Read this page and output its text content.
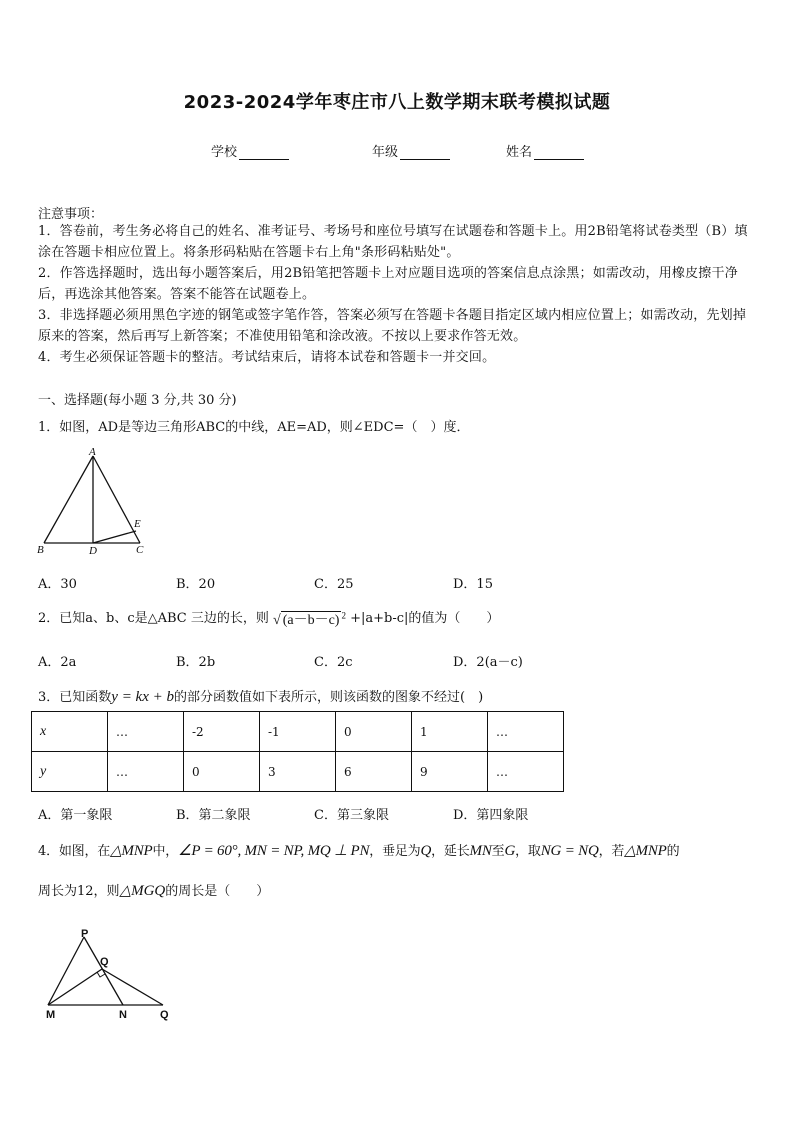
2023-2024学年枣庄市八上数学期末联考模拟试题
学校	年级	姓名
注意事项：
1．答卷前，考生务必将自己的姓名、准考证号、考场号和座位号填写在试题卷和答题卡上。用2B铅笔将试卷类型（B）填涂在答题卡相应位置上。将条形码粘贴在答题卡右上角"条形码粘贴处"。
2．作答选择题时，选出每小题答案后，用2B铅笔把答题卡上对应题目选项的答案信息点涂黑；如需改动，用橡皮擦干净后，再选涂其他答案。答案不能答在试题卷上。
3．非选择题必须用黑色字迹的钢笔或签字笔作答，答案必须写在答题卡各题目指定区域内相应位置上；如需改动，先划掉原来的答案，然后再写上新答案；不准使用铅笔和涂改液。不按以上要求作答无效。
4．考生必须保证答题卡的整洁。考试结束后，请将本试卷和答题卡一并交回。
一、选择题(每小题 3 分,共 30 分)
1．如图，AD是等边三角形ABC的中线，AE=AD，则∠EDC=（　）度．
A
B	D	C
E
A．30	B．20	C．25	D．15
2．已知a、b、c是△ABC 三边的长，则 √ (a－b－c) $^2$ +|a+b-c|的值为（　　）
A．2a	B．2b	C．2c	D．2(a－c)
3．已知函数y = kx + b的部分函数值如下表所示，则该函数的图象不经过(　)
x	…	-2	-1	0	1	…
y	…	0	3	6	9	…
A．第一象限	B．第二象限	C．第三象限	D．第四象限
4．如图，在△MNP中，∠P = 60°, MN = NP, MQ ⊥ PN，垂足为Q，延长MN至G，取NG = NQ，若△MNP的
周长为12，则△MGQ的周长是（　　）
P
Q
M	N	Q
